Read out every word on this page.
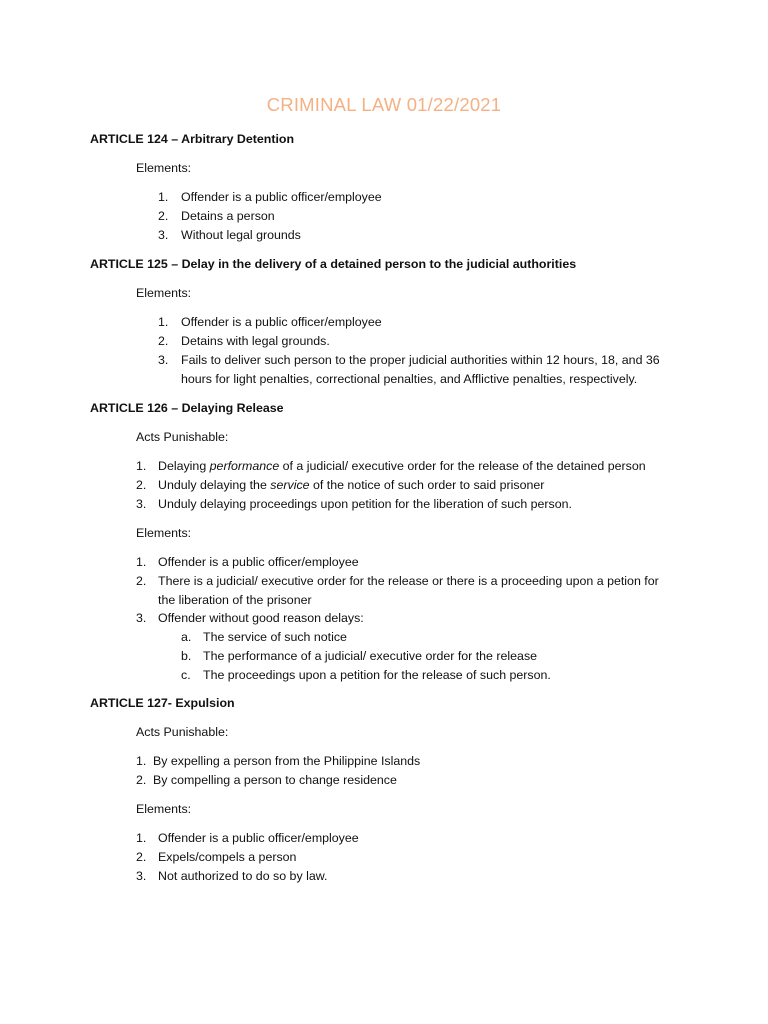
CRIMINAL LAW 01/22/2021
ARTICLE 124 – Arbitrary Detention
Elements:
1. Offender is a public officer/employee
2. Detains a person
3. Without legal grounds
ARTICLE 125 – Delay in the delivery of a detained person to the judicial authorities
Elements:
1. Offender is a public officer/employee
2. Detains with legal grounds.
3. Fails to deliver such person to the proper judicial authorities within 12 hours, 18, and 36
hours for light penalties, correctional penalties, and Afflictive penalties, respectively.
ARTICLE 126 – Delaying Release
Acts Punishable:
1. Delaying performance of a judicial/ executive order for the release of the detained person
2. Unduly delaying the service of the notice of such order to said prisoner
3. Unduly delaying proceedings upon petition for the liberation of such person.
Elements:
1. Offender is a public officer/employee
2. There is a judicial/ executive order for the release or there is a proceeding upon a petion for
the liberation of the prisoner
3. Offender without good reason delays:
a. The service of such notice
b. The performance of a judicial/ executive order for the release
c. The proceedings upon a petition for the release of such person.
ARTICLE 127- Expulsion
Acts Punishable:
1. By expelling a person from the Philippine Islands
2. By compelling a person to change residence
Elements:
1. Offender is a public officer/employee
2. Expels/compels a person
3. Not authorized to do so by law.
